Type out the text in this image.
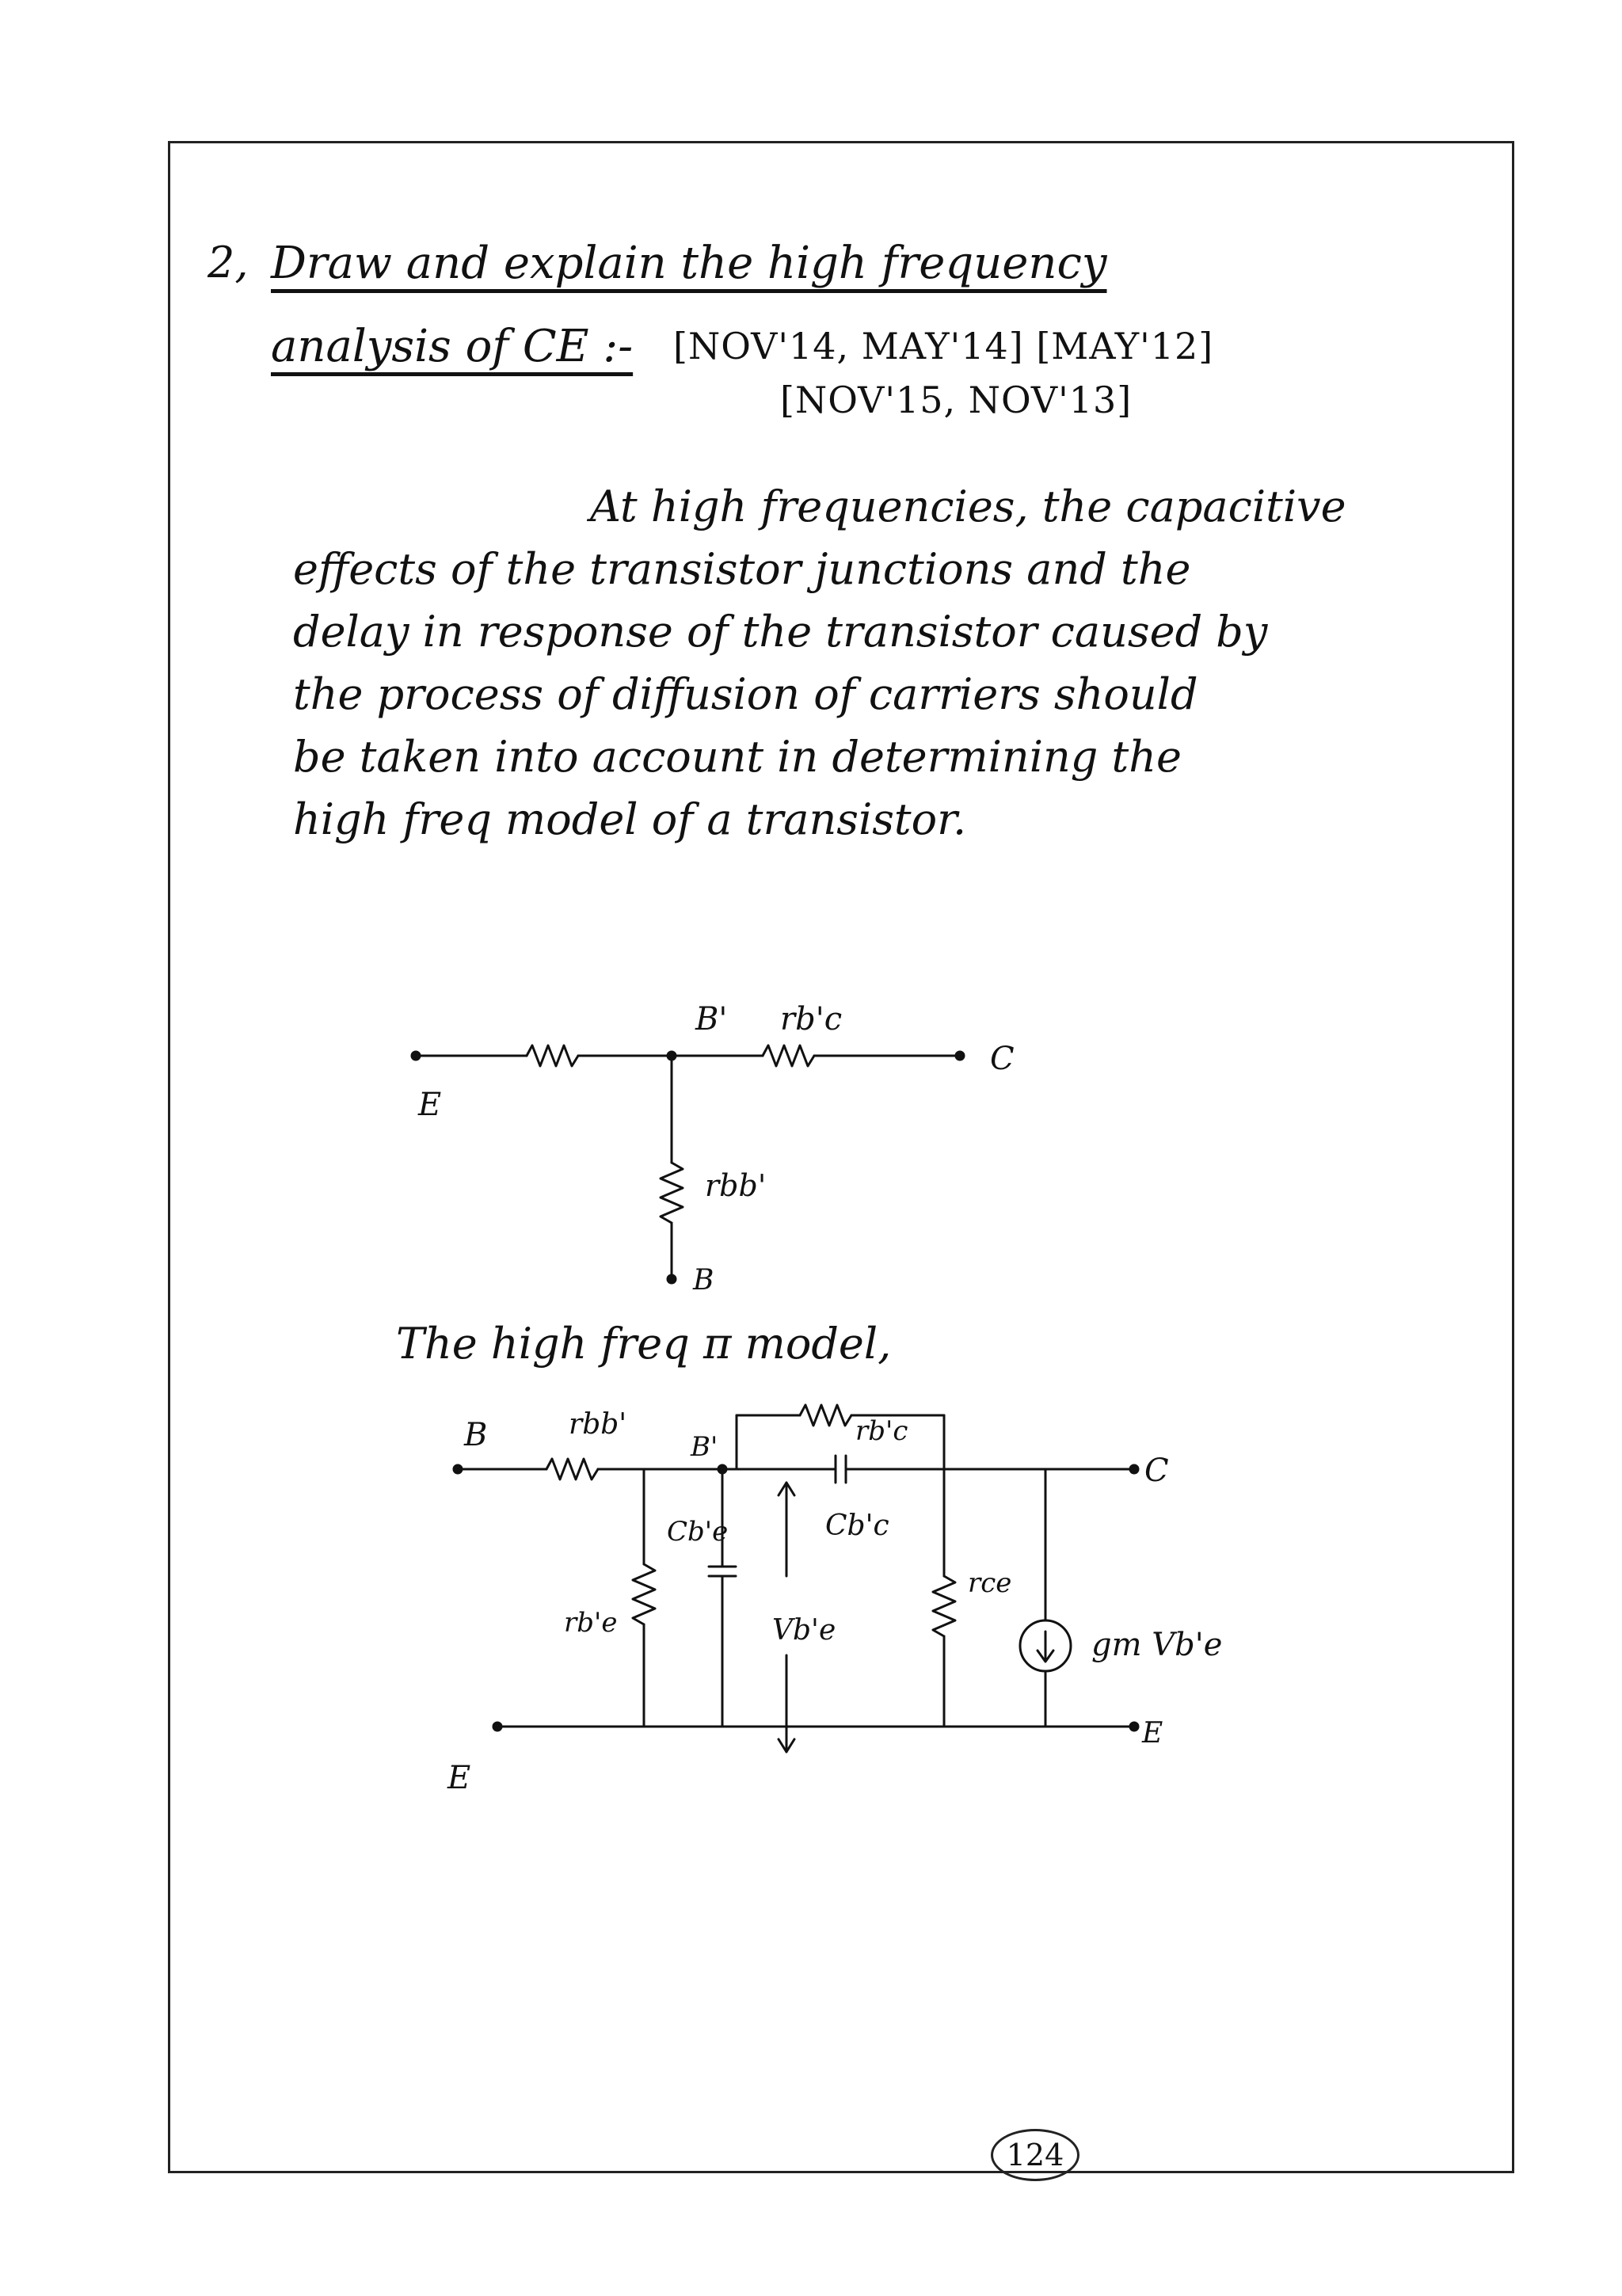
2, Draw and explain the high frequency
analysis of CE :- [NOV'14, MAY'14] [MAY'12]
[NOV'15, NOV'13]
At high frequencies, the capacitive
effects of the transistor junctions and the
delay in response of the transistor caused by
the process of diffusion of carriers should
be taken into account in determining the
high freq model of a transistor.
B' rb'c
C
E
rbb'
B
B	rbb'
B'	rb'c
C
Cb'e	Cb'c
rb'e	Vb'e
rce
gm Vb'e
E
E
The high freq π model,
124
